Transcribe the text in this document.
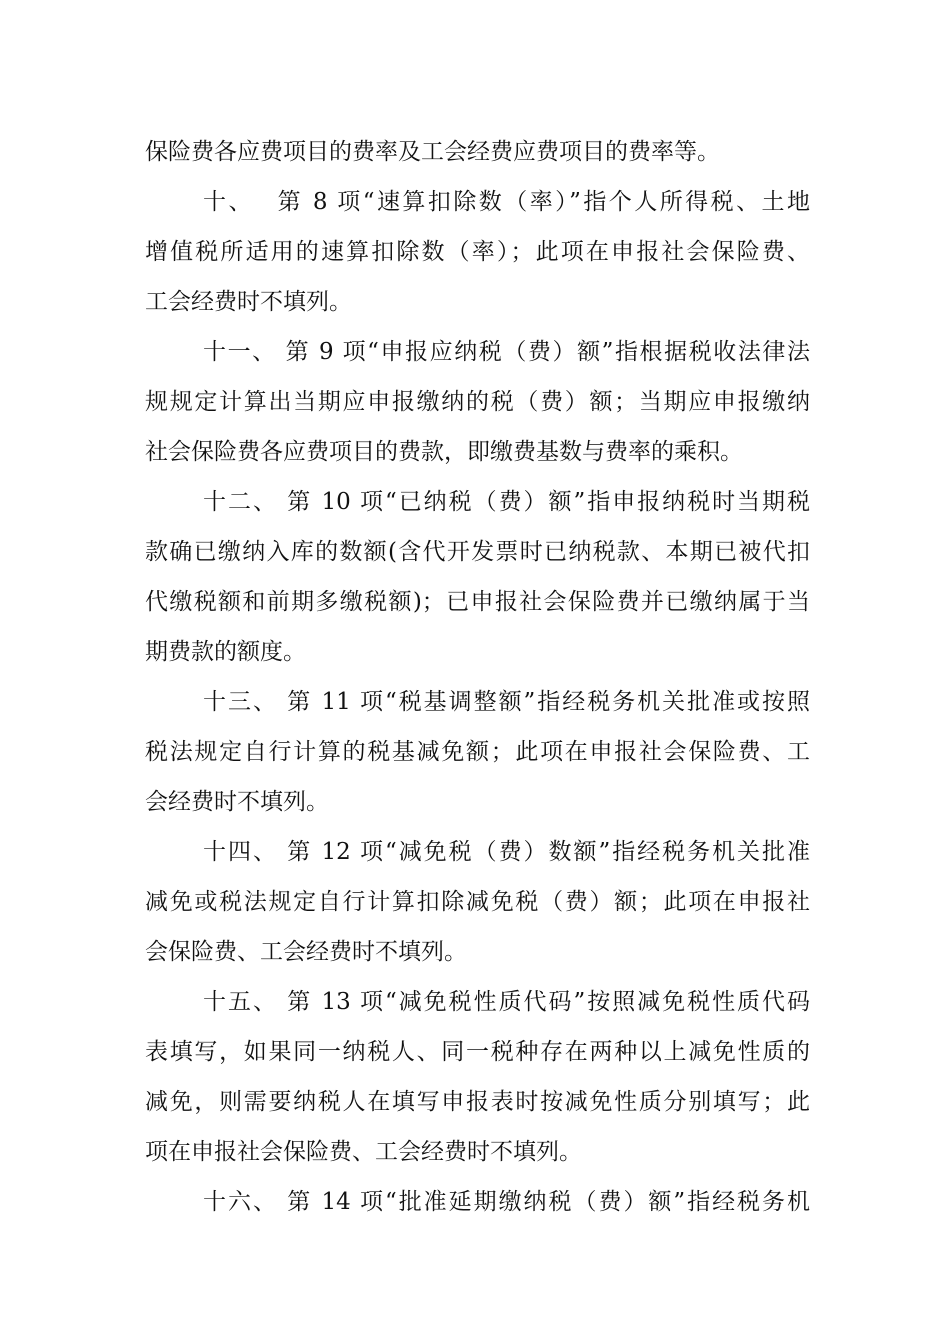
保险费各应费项目的费率及工会经费应费项目的费率等。
十、　 第 8 项“速算扣除数（率）”指个人所得税、土地
增值税所适用的速算扣除数（率）；此项在申报社会保险费、
工会经费时不填列。
十一、 第 9 项“申报应纳税（费）额”指根据税收法律法
规规定计算出当期应申报缴纳的税（费）额；当期应申报缴纳
社会保险费各应费项目的费款，即缴费基数与费率的乘积。
十二、 第 10 项“已纳税（费）额”指申报纳税时当期税
款确已缴纳入库的数额(含代开发票时已纳税款、本期已被代扣
代缴税额和前期多缴税额)；已申报社会保险费并已缴纳属于当
期费款的额度。
十三、 第 11 项“税基调整额”指经税务机关批准或按照
税法规定自行计算的税基减免额；此项在申报社会保险费、工
会经费时不填列。
十四、 第 12 项“减免税（费）数额”指经税务机关批准
减免或税法规定自行计算扣除减免税（费）额；此项在申报社
会保险费、工会经费时不填列。
十五、 第 13 项“减免税性质代码”按照减免税性质代码
表填写，如果同一纳税人、同一税种存在两种以上减免性质的
减免，则需要纳税人在填写申报表时按减免性质分别填写；此
项在申报社会保险费、工会经费时不填列。
十六、 第 14 项“批准延期缴纳税（费）额”指经税务机
